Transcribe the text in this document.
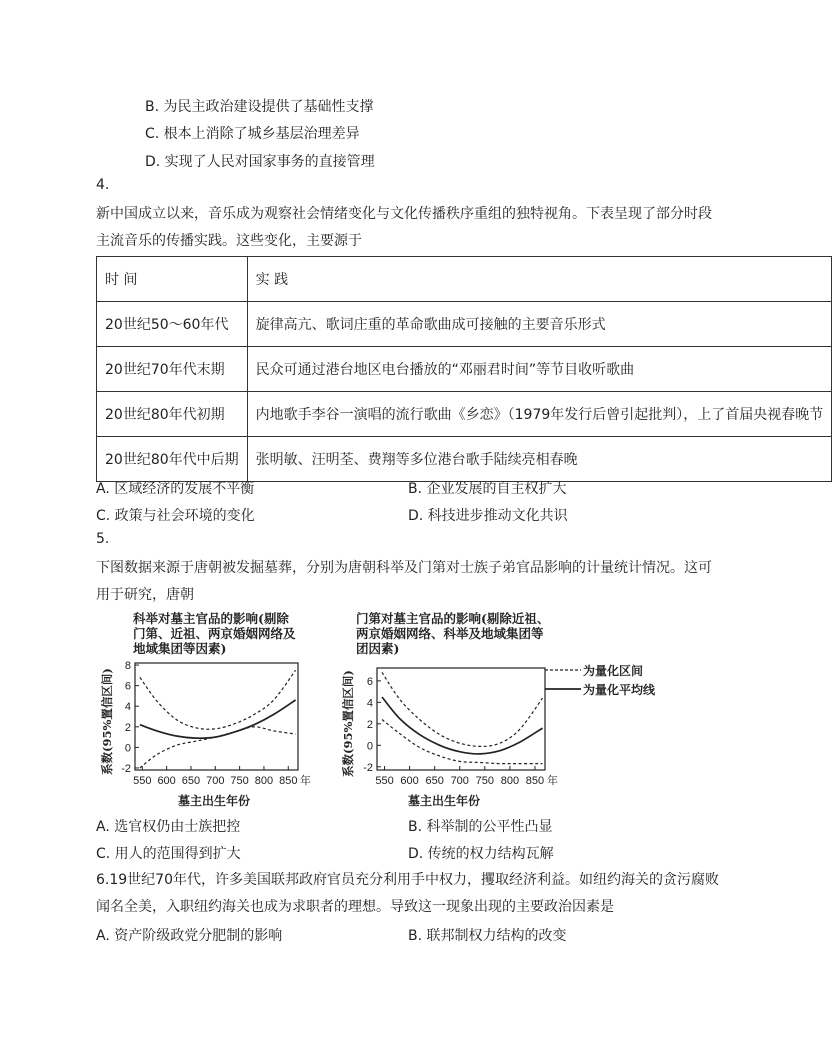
B. 为民主政治建设提供了基础性支撑
C. 根本上消除了城乡基层治理差异
D. 实现了人民对国家事务的直接管理
4.
新中国成立以来，音乐成为观察社会情绪变化与文化传播秩序重组的独特视角。下表呈现了部分时段
主流音乐的传播实践。这些变化，主要源于
时 间	实 践
20世纪50～60年代	旋律高亢、歌词庄重的革命歌曲成可接触的主要音乐形式
20世纪70年代末期	民众可通过港台地区电台播放的“邓丽君时间”等节目收听歌曲
20世纪80年代初期	内地歌手李谷一演唱的流行歌曲《乡恋》（1979年发行后曾引起批判），上了首届央视春晚节
20世纪80年代中后期	张明敏、汪明荃、费翔等多位港台歌手陆续亮相春晚
A. 区域经济的发展不平衡	B. 企业发展的自主权扩大
C. 政策与社会环境的变化	D. 科技进步推动文化共识
5.
下图数据来源于唐朝被发掘墓葬，分别为唐朝科举及门第对士族子弟官品影响的计量统计情况。这可
用于研究，唐朝
科举对墓主官品的影响(剔除
门第、近祖、两京婚姻网络及
地域集团等因素)
系数(95%置信区间) -2
0
2
4
6
8
550 600 650 700 750 800 850 年
墓主出生年份
门第对墓主官品的影响(剔除近祖、
两京婚姻网络、科举及地域集团等
团因素)
系数(95%置信区间) -2
0
2
4
6
550 600 650 700 750 800 850 年
墓主出生年份
为量化区间
为量化平均线
A. 选官权仍由士族把控	B. 科举制的公平性凸显
C. 用人的范围得到扩大	D. 传统的权力结构瓦解
6.19世纪70年代，许多美国联邦政府官员充分利用手中权力，攫取经济利益。如纽约海关的贪污腐败
闻名全美，入职纽约海关也成为求职者的理想。导致这一现象出现的主要政治因素是
A. 资产阶级政党分肥制的影响	B. 联邦制权力结构的改变
